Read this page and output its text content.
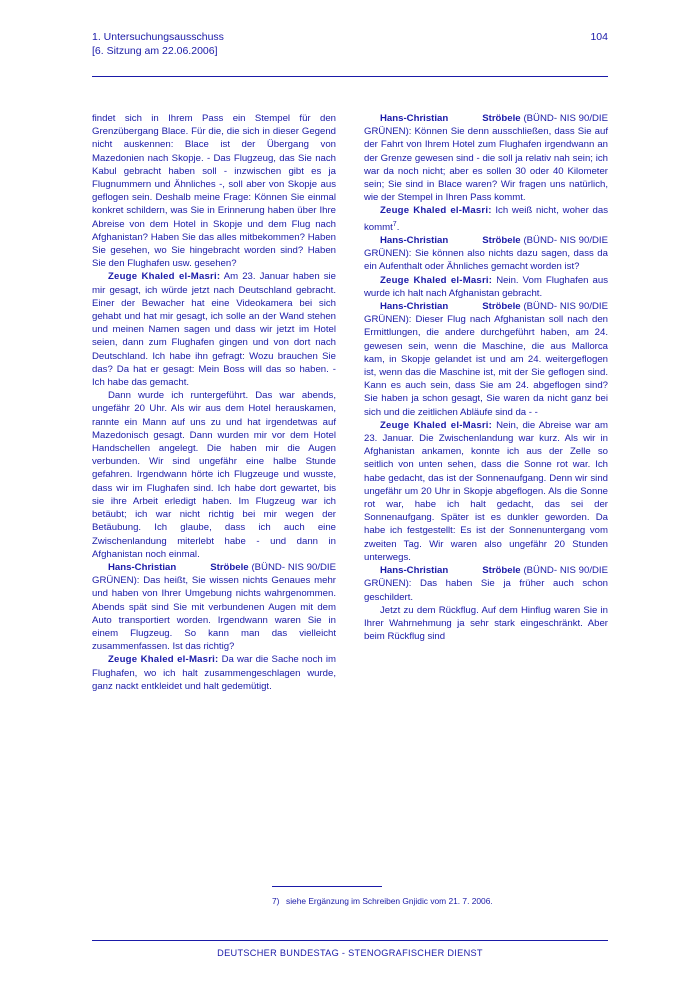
1. Untersuchungsausschuss
[6. Sitzung am 22.06.2006]
104

findet sich in Ihrem Pass ein Stempel für den Grenzübergang Blace. Für die, die sich in dieser Gegend nicht auskennen: Blace ist der Übergang von Mazedonien nach Skopje. - Das Flugzeug, das Sie nach Kabul gebracht haben soll - inzwischen gibt es ja Flugnummern und Ähnliches -, soll aber von Skopje aus geflogen sein. Deshalb meine Frage: Können Sie einmal konkret schildern, was Sie in Erinnerung haben über Ihre Abreise von dem Hotel in Skopje und dem Flug nach Afghanistan? Haben Sie das alles mitbekommen? Haben Sie gesehen, wo Sie hingebracht worden sind? Haben Sie den Flughafen usw. gesehen?

Zeuge Khaled el-Masri: Am 23. Januar haben sie mir gesagt, ich würde jetzt nach Deutschland gebracht. Einer der Bewacher hat eine Videokamera bei sich gehabt und hat mir gesagt, ich solle an der Wand stehen und meinen Namen sagen und dass wir jetzt im Hotel seien, dann zum Flughafen gingen und von dort nach Deutschland. Ich habe ihn gefragt: Wozu brauchen Sie das? Da hat er gesagt: Mein Boss will das so haben. - Ich habe das gemacht.

Dann wurde ich runtergeführt. Das war abends, ungefähr 20 Uhr. Als wir aus dem Hotel herauskamen, rannte ein Mann auf uns zu und hat irgendetwas auf Mazedonisch gesagt. Dann wurden mir vor dem Hotel Handschellen angelegt. Die haben mir die Augen verbunden. Wir sind ungefähr eine halbe Stunde gefahren. Irgendwann hörte ich Flugzeuge und wusste, dass wir im Flughafen sind. Ich habe dort gewartet, bis sie ihre Arbeit erledigt haben. Im Flugzeug war ich betäubt; ich war nicht richtig bei mir wegen der Betäubung. Ich glaube, dass ich auch eine Zwischenlandung miterlebt habe - und dann in Afghanistan noch einmal.

Hans-Christian	Ströbele (BÜND- NIS 90/DIE GRÜNEN): Das heißt, Sie wissen nichts Genaues mehr und haben von Ihrer Umgebung nichts wahrgenommen. Abends spät sind Sie mit verbundenen Augen mit dem Auto transportiert worden. Irgendwann waren Sie in einem Flugzeug. So kann man das vielleicht zusammenfassen. Ist das richtig?

Zeuge Khaled el-Masri: Da war die Sache noch im Flughafen, wo ich halt zusammengeschlagen wurde, ganz nackt entkleidet und halt gedemütigt.

Hans-Christian	Ströbele (BÜND- NIS 90/DIE GRÜNEN): Können Sie denn ausschließen, dass Sie auf der Fahrt von Ihrem Hotel zum Flughafen irgendwann an der Grenze gewesen sind - die soll ja relativ nah sein; ich war da noch nicht; aber es sollen 30 oder 40 Kilometer sein; Sie sind in Blace waren? Wir fragen uns natürlich, wie der Stempel in Ihren Pass kommt.

Zeuge Khaled el-Masri: Ich weiß nicht, woher das kommt$^7$.

Hans-Christian	Ströbele (BÜND- NIS 90/DIE GRÜNEN): Sie können also nichts dazu sagen, dass da ein Aufenthalt oder Ähnliches gemacht worden ist?

Zeuge Khaled el-Masri: Nein. Vom Flughafen aus wurde ich halt nach Afghanistan gebracht.

Hans-Christian	Ströbele (BÜND- NIS 90/DIE GRÜNEN): Dieser Flug nach Afghanistan soll nach den Ermittlungen, die andere durchgeführt haben, am 24. gewesen sein, wenn die Maschine, die aus Mallorca kam, in Skopje gelandet ist und am 24. weitergeflogen ist, wenn das die Maschine ist, mit der Sie geflogen sind. Kann es auch sein, dass Sie am 24. abgeflogen sind? Sie haben ja schon gesagt, Sie waren da nicht ganz bei sich und die zeitlichen Abläufe sind da - -

Zeuge Khaled el-Masri: Nein, die Abreise war am 23. Januar. Die Zwischenlandung war kurz. Als wir in Afghanistan ankamen, konnte ich aus der Zelle so seitlich von unten sehen, dass die Sonne rot war. Ich habe gedacht, das ist der Sonnenaufgang. Denn wir sind ungefähr um 20 Uhr in Skopje abgeflogen. Als die Sonne rot war, habe ich halt gedacht, das sei der Sonnenaufgang. Später ist es dunkler geworden. Da habe ich festgestellt: Es ist der Sonnenuntergang vom zweiten Tag. Wir waren also ungefähr 20 Stunden unterwegs.

Hans-Christian	Ströbele (BÜND- NIS 90/DIE GRÜNEN): Das haben Sie ja früher auch schon geschildert.

Jetzt zu dem Rückflug. Auf dem Hinflug waren Sie in Ihrer Wahrnehmung ja sehr stark eingeschränkt. Aber beim Rückflug sind

7) siehe Ergänzung im Schreiben Gnjidic vom 21. 7. 2006.
DEUTSCHER BUNDESTAG - STENOGRAFISCHER DIENST
